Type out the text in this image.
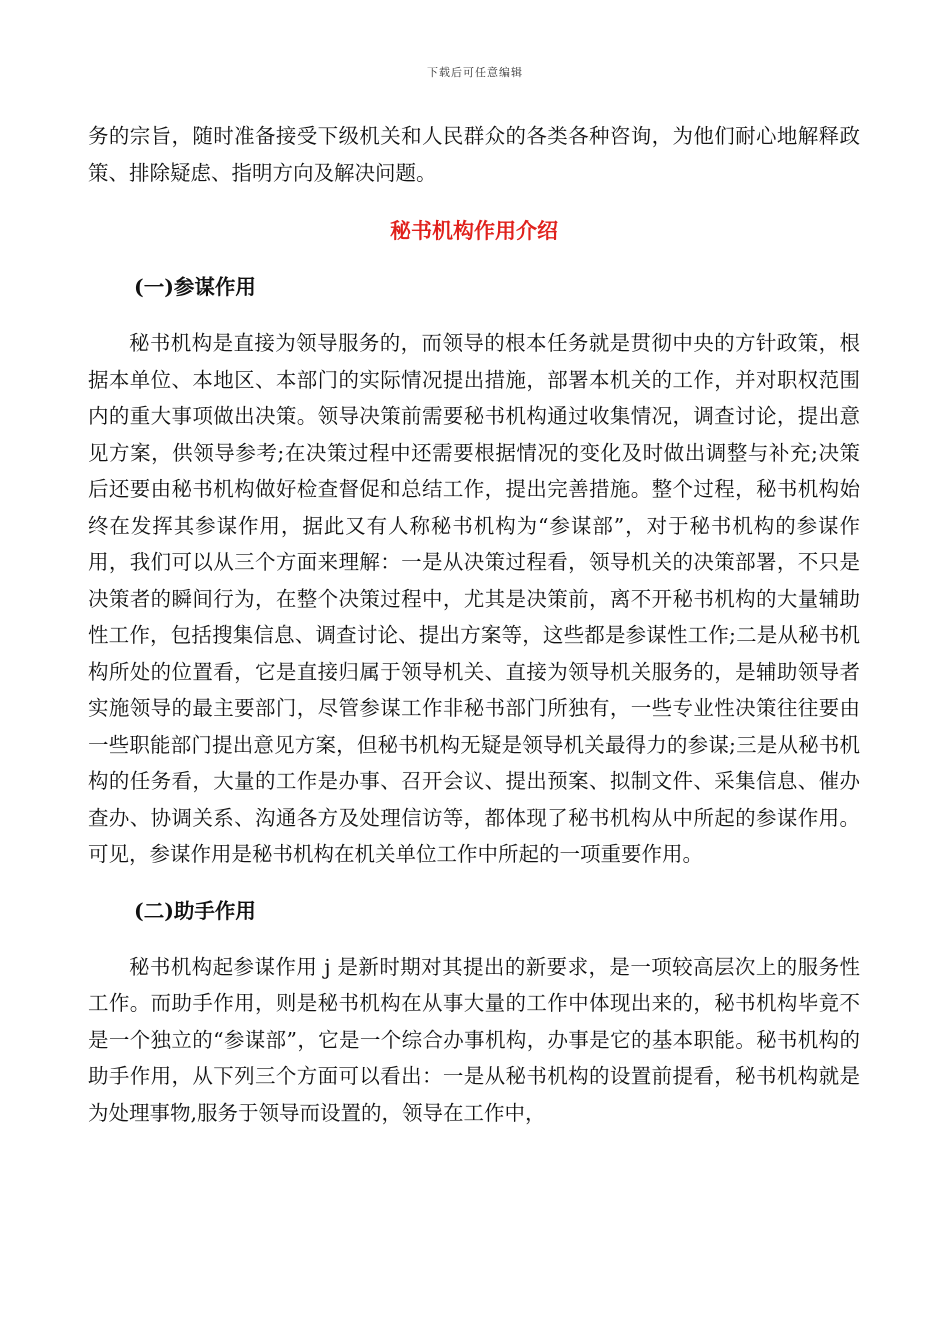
下载后可任意编辑

务的宗旨，随时准备接受下级机关和人民群众的各类各种咨询，为他们耐心地解释政策、排除疑虑、指明方向及解决问题。

秘书机构作用介绍

(一)参谋作用

秘书机构是直接为领导服务的，而领导的根本任务就是贯彻中央的方针政策，根据本单位、本地区、本部门的实际情况提出措施，部署本机关的工作，并对职权范围内的重大事项做出决策。领导决策前需要秘书机构通过收集情况，调查讨论，提出意见方案，供领导参考;在决策过程中还需要根据情况的变化及时做出调整与补充;决策后还要由秘书机构做好检查督促和总结工作，提出完善措施。整个过程，秘书机构始终在发挥其参谋作用，据此又有人称秘书机构为“参谋部”，对于秘书机构的参谋作用，我们可以从三个方面来理解：一是从决策过程看，领导机关的决策部署，不只是决策者的瞬间行为，在整个决策过程中，尤其是决策前，离不开秘书机构的大量辅助性工作，包括搜集信息、调查讨论、提出方案等，这些都是参谋性工作;二是从秘书机构所处的位置看，它是直接归属于领导机关、直接为领导机关服务的，是辅助领导者实施领导的最主要部门，尽管参谋工作非秘书部门所独有，一些专业性决策往往要由一些职能部门提出意见方案，但秘书机构无疑是领导机关最得力的参谋;三是从秘书机构的任务看，大量的工作是办事、召开会议、提出预案、拟制文件、采集信息、催办查办、协调关系、沟通各方及处理信访等，都体现了秘书机构从中所起的参谋作用。可见，参谋作用是秘书机构在机关单位工作中所起的一项重要作用。

(二)助手作用

秘书机构起参谋作用 j 是新时期对其提出的新要求，是一项较高层次上的服务性工作。而助手作用，则是秘书机构在从事大量的工作中体现出来的，秘书机构毕竟不是一个独立的“参谋部”，它是一个综合办事机构，办事是它的基本职能。秘书机构的助手作用，从下列三个方面可以看出：一是从秘书机构的设置前提看，秘书机构就是为处理事物,服务于领导而设置的，领导在工作中，
